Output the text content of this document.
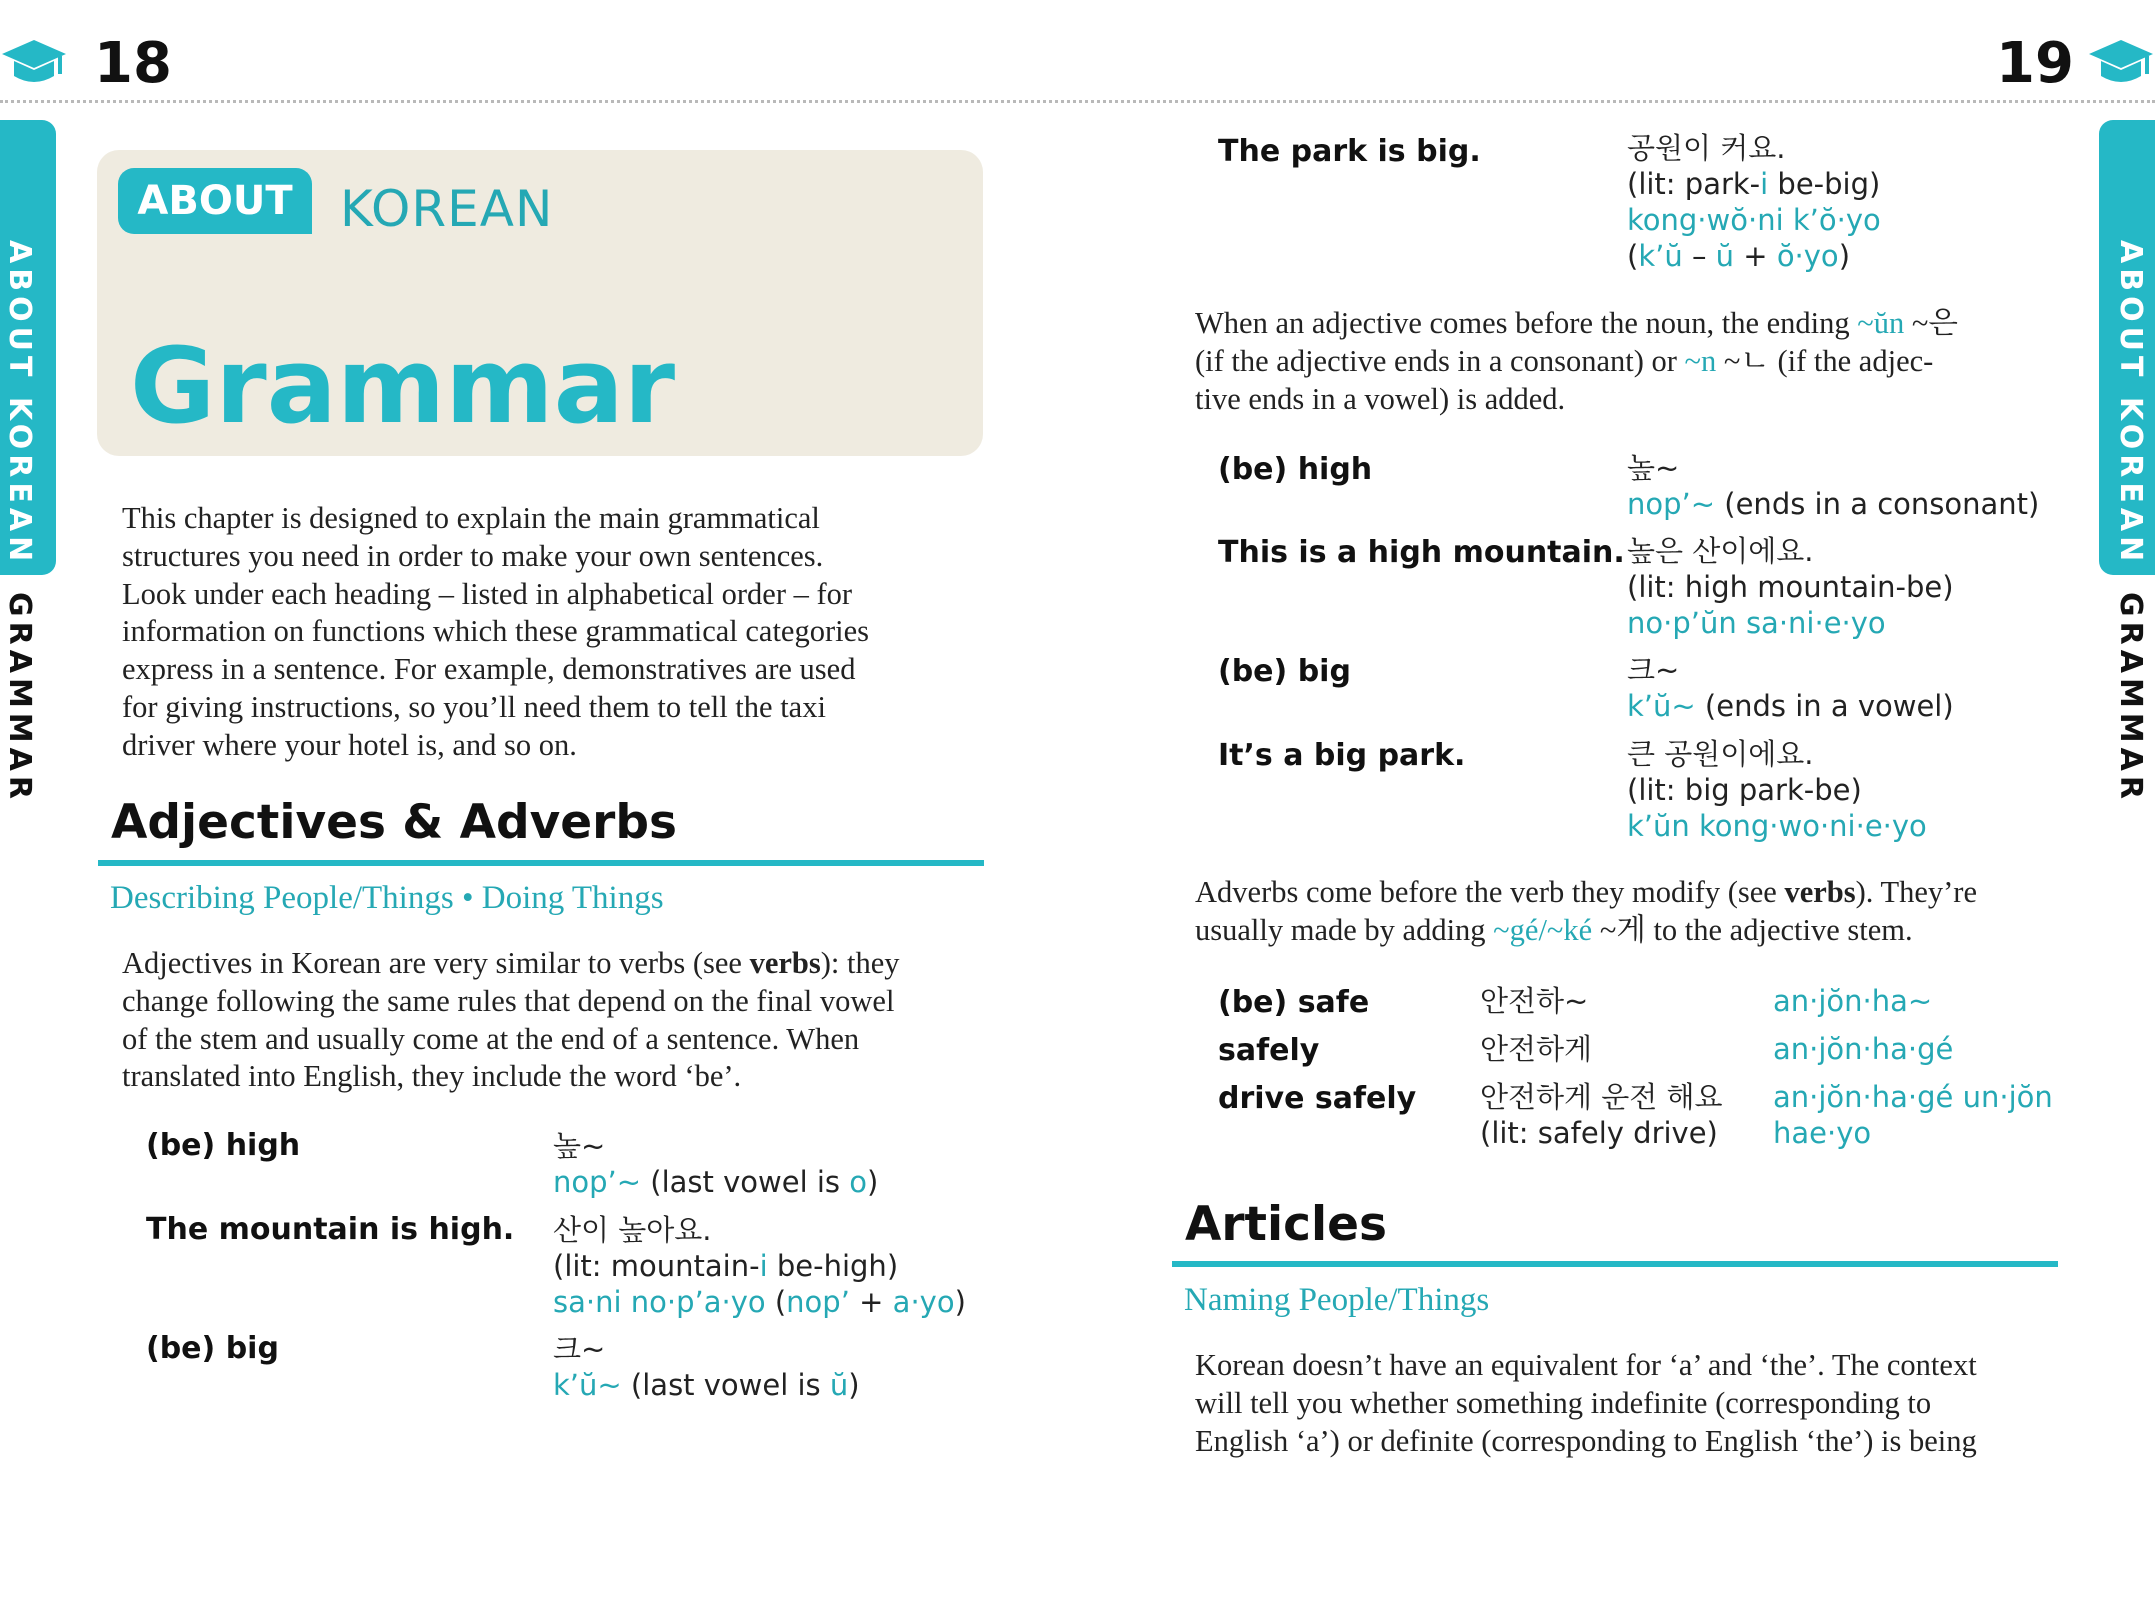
18	19
ABOUT KOREAN
GRAMMAR
ABOUT KOREAN
GRAMMAR
ABOUT KOREAN
Grammar
This chapter is designed to explain the main grammatical
structures you need in order to make your own sentences.
Look under each heading – listed in alphabetical order – for
information on functions which these grammatical categories
express in a sentence. For example, demonstratives are used
for giving instructions, so you’ll need them to tell the taxi
driver where your hotel is, and so on.
Adjectives & Adverbs
Describing People/Things • Doing Things
Adjectives in Korean are very similar to verbs (see verbs): they
change following the same rules that depend on the final vowel
of the stem and usually come at the end of a sentence. When
translated into English, they include the word ‘be’.
(be) high	높~
nop’~ (last vowel is o)
The mountain is high. 산이 높아요.
(lit: mountain-i be-high)
sa·ni no·p’a·yo (nop’ + a·yo)
(be) big	크~
k’ŭ~ (last vowel is ŭ)
The park is big.	공원이 커요.
(lit: park-i be-big)
kong·wŏ·ni k’ŏ·yo
(k’ŭ – ŭ + ŏ·yo)
When an adjective comes before the noun, the ending ~ŭn ~은
(if the adjective ends in a consonant) or ~n ~ㄴ (if the adjec-
tive ends in a vowel) is added.
(be) high	높~
nop’~ (ends in a consonant)
This is a high mountain. 높은 산이에요.
(lit: high mountain-be)
no·p’ŭn sa·ni·e·yo
(be) big	크~
k’ŭ~ (ends in a vowel)
It’s a big park.	큰 공원이에요.
(lit: big park-be)
k’ŭn kong·wo·ni·e·yo
Adverbs come before the verb they modify (see verbs). They’re
usually made by adding ~gé/~ké ~게 to the adjective stem.
(be) safe	안전하~	an·jŏn·ha~
safely	안전하게	an·jŏn·ha·gé
drive safely 안전하게 운전 해요
(lit: safely drive)
an·jŏn·ha·gé un·jŏn
hae·yo
Articles
Naming People/Things
Korean doesn’t have an equivalent for ‘a’ and ‘the’. The context
will tell you whether something indefinite (corresponding to
English ‘a’) or definite (corresponding to English ‘the’) is being
